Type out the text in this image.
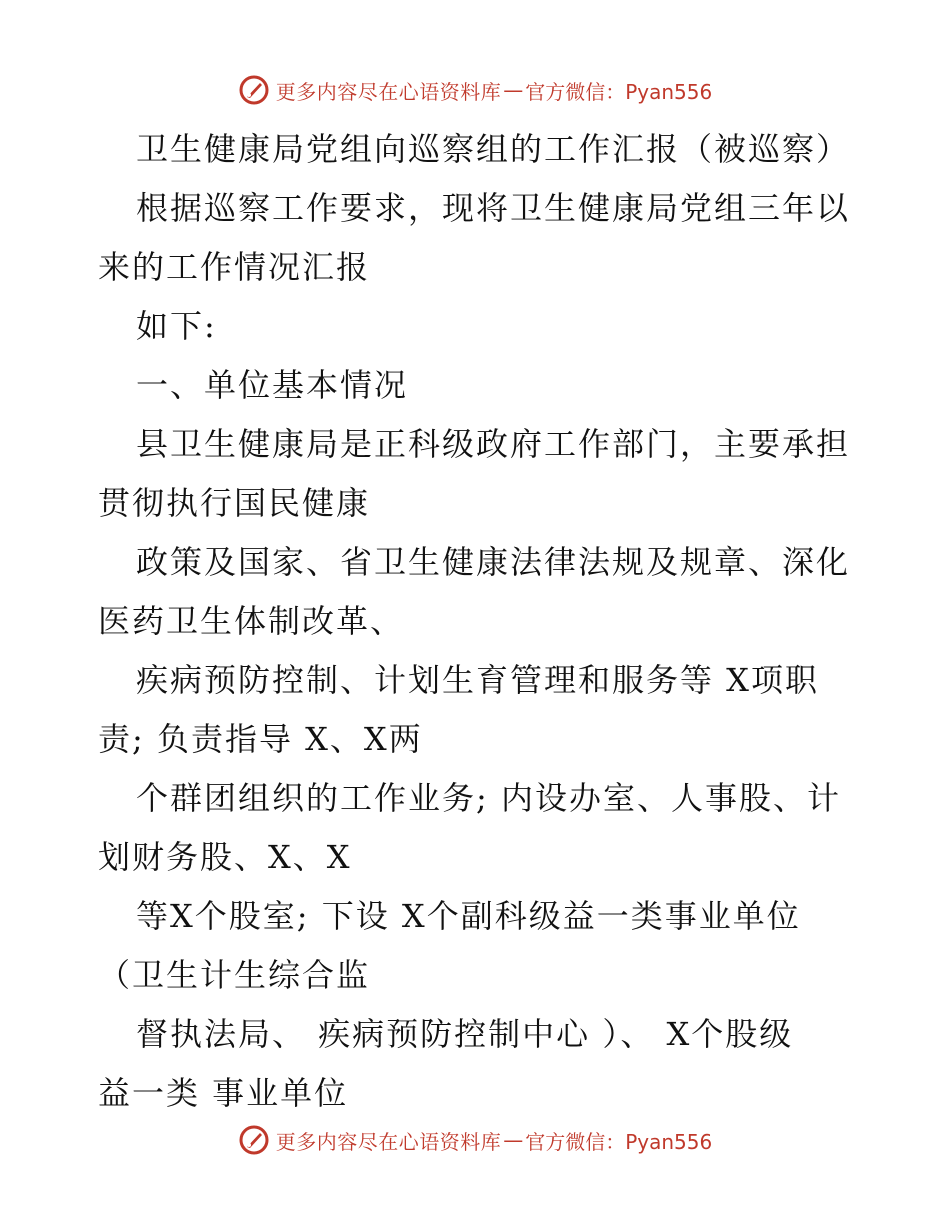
更多内容尽在心语资料库 — 官方微信：Pyan556

卫生健康局党组向巡察组的工作汇报（被巡察）

根据巡察工作要求，现将卫生健康局党组三年以

来的工作情况汇报

如下:

一、单位基本情况

县卫生健康局是正科级政府工作部门，主要承担

贯彻执行国民健康

政策及国家、省卫生健康法律法规及规章、深化

医药卫生体制改革、

疾病预防控制、计划生育管理和服务等 X项职

责; 负责指导 X、X两

个群团组织的工作业务; 内设办室、人事股、计

划财务股、X、X

等X个股室; 下设 X个副科级益一类事业单位

（卫生计生综合监

督执法局、 疾病预防控制中心 ）、 X个股级

益一类 事业单位

更多内容尽在心语资料库 — 官方微信：Pyan556
